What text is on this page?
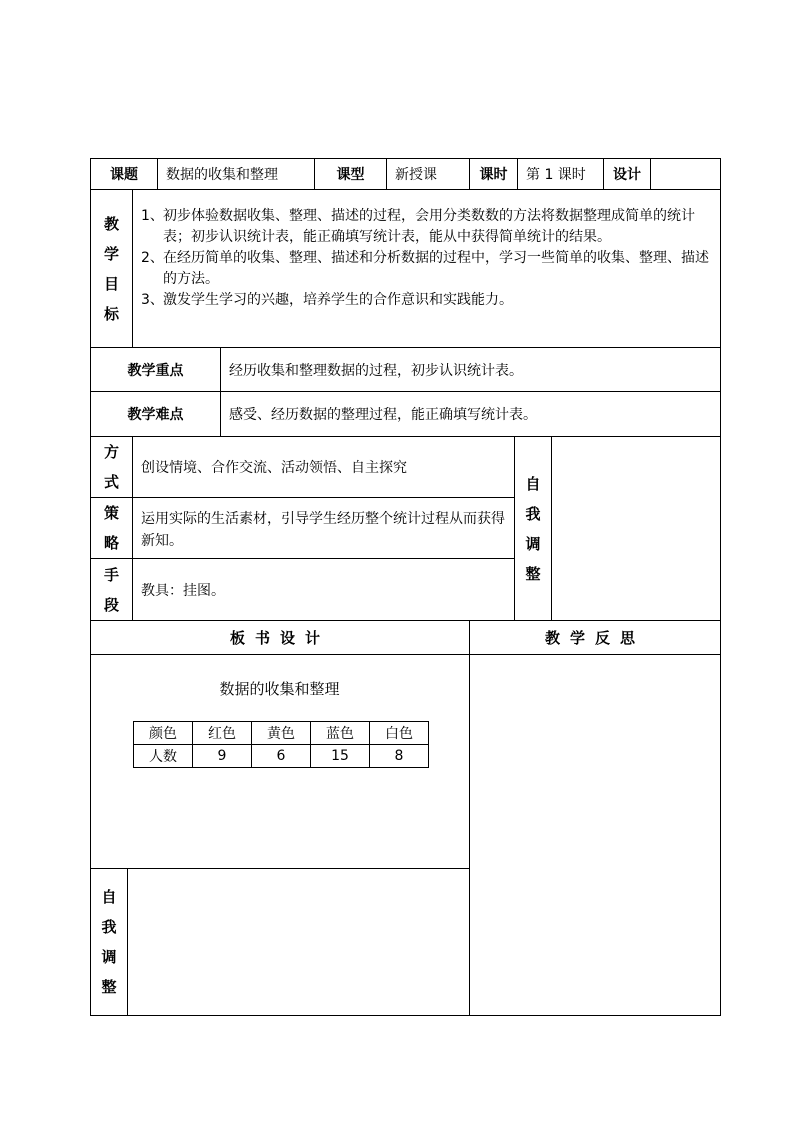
课题 数据的收集和整理	课型 新授课	课时 第 1 课时 设计
教
学
目
标
1、 初步体验数据收集、整理、描述的过程，会用分类数数的方法将数据整理成简单的统计表；初步认识统计表，能正确填写统计表，能从中获得简单统计的结果。
2、 在经历简单的收集、整理、描述和分析数据的过程中，学习一些简单的收集、整理、描述的方法。
3、 激发学生学习的兴趣，培养学生的合作意识和实践能力。
教学重点	经历收集和整理数据的过程，初步认识统计表。
教学难点	感受、经历数据的整理过程，能正确填写统计表。
方
式
创设情境、合作交流、活动领悟、自主探究
策
略
运用实际的生活素材，引导学生经历整个统计过程从而获得新知。
手
段
教具：挂图。
自
我
调
整
板书设计	教学反思
数据的收集和整理
颜色	红色	黄色	蓝色	白色
人数	9	6	15	8
自
我
调
整
